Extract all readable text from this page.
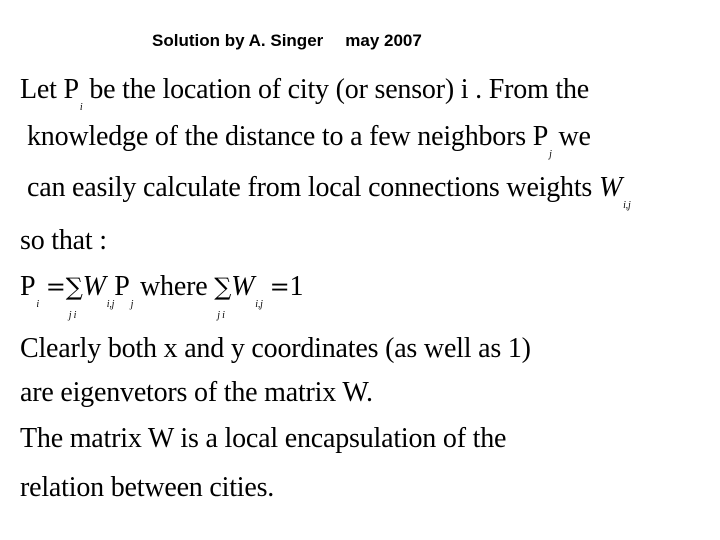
Solution by A. Singer may 2007
Let $P_i$ be the location of city (or sensor) i . From the
knowledge of the distance to a few neighbors $P_j$ we
can easily calculate from local connections weights $W_{i,j}$
so that :
$P_i$ =∑
j i
$W_{i,j}P_j$ where ∑
j i
$W_{i,j} =1$
Clearly both x and y coordinates (as well as 1)
are eigenvetors of the matrix W.
The matrix W is a local encapsulation of the
relation between cities.
